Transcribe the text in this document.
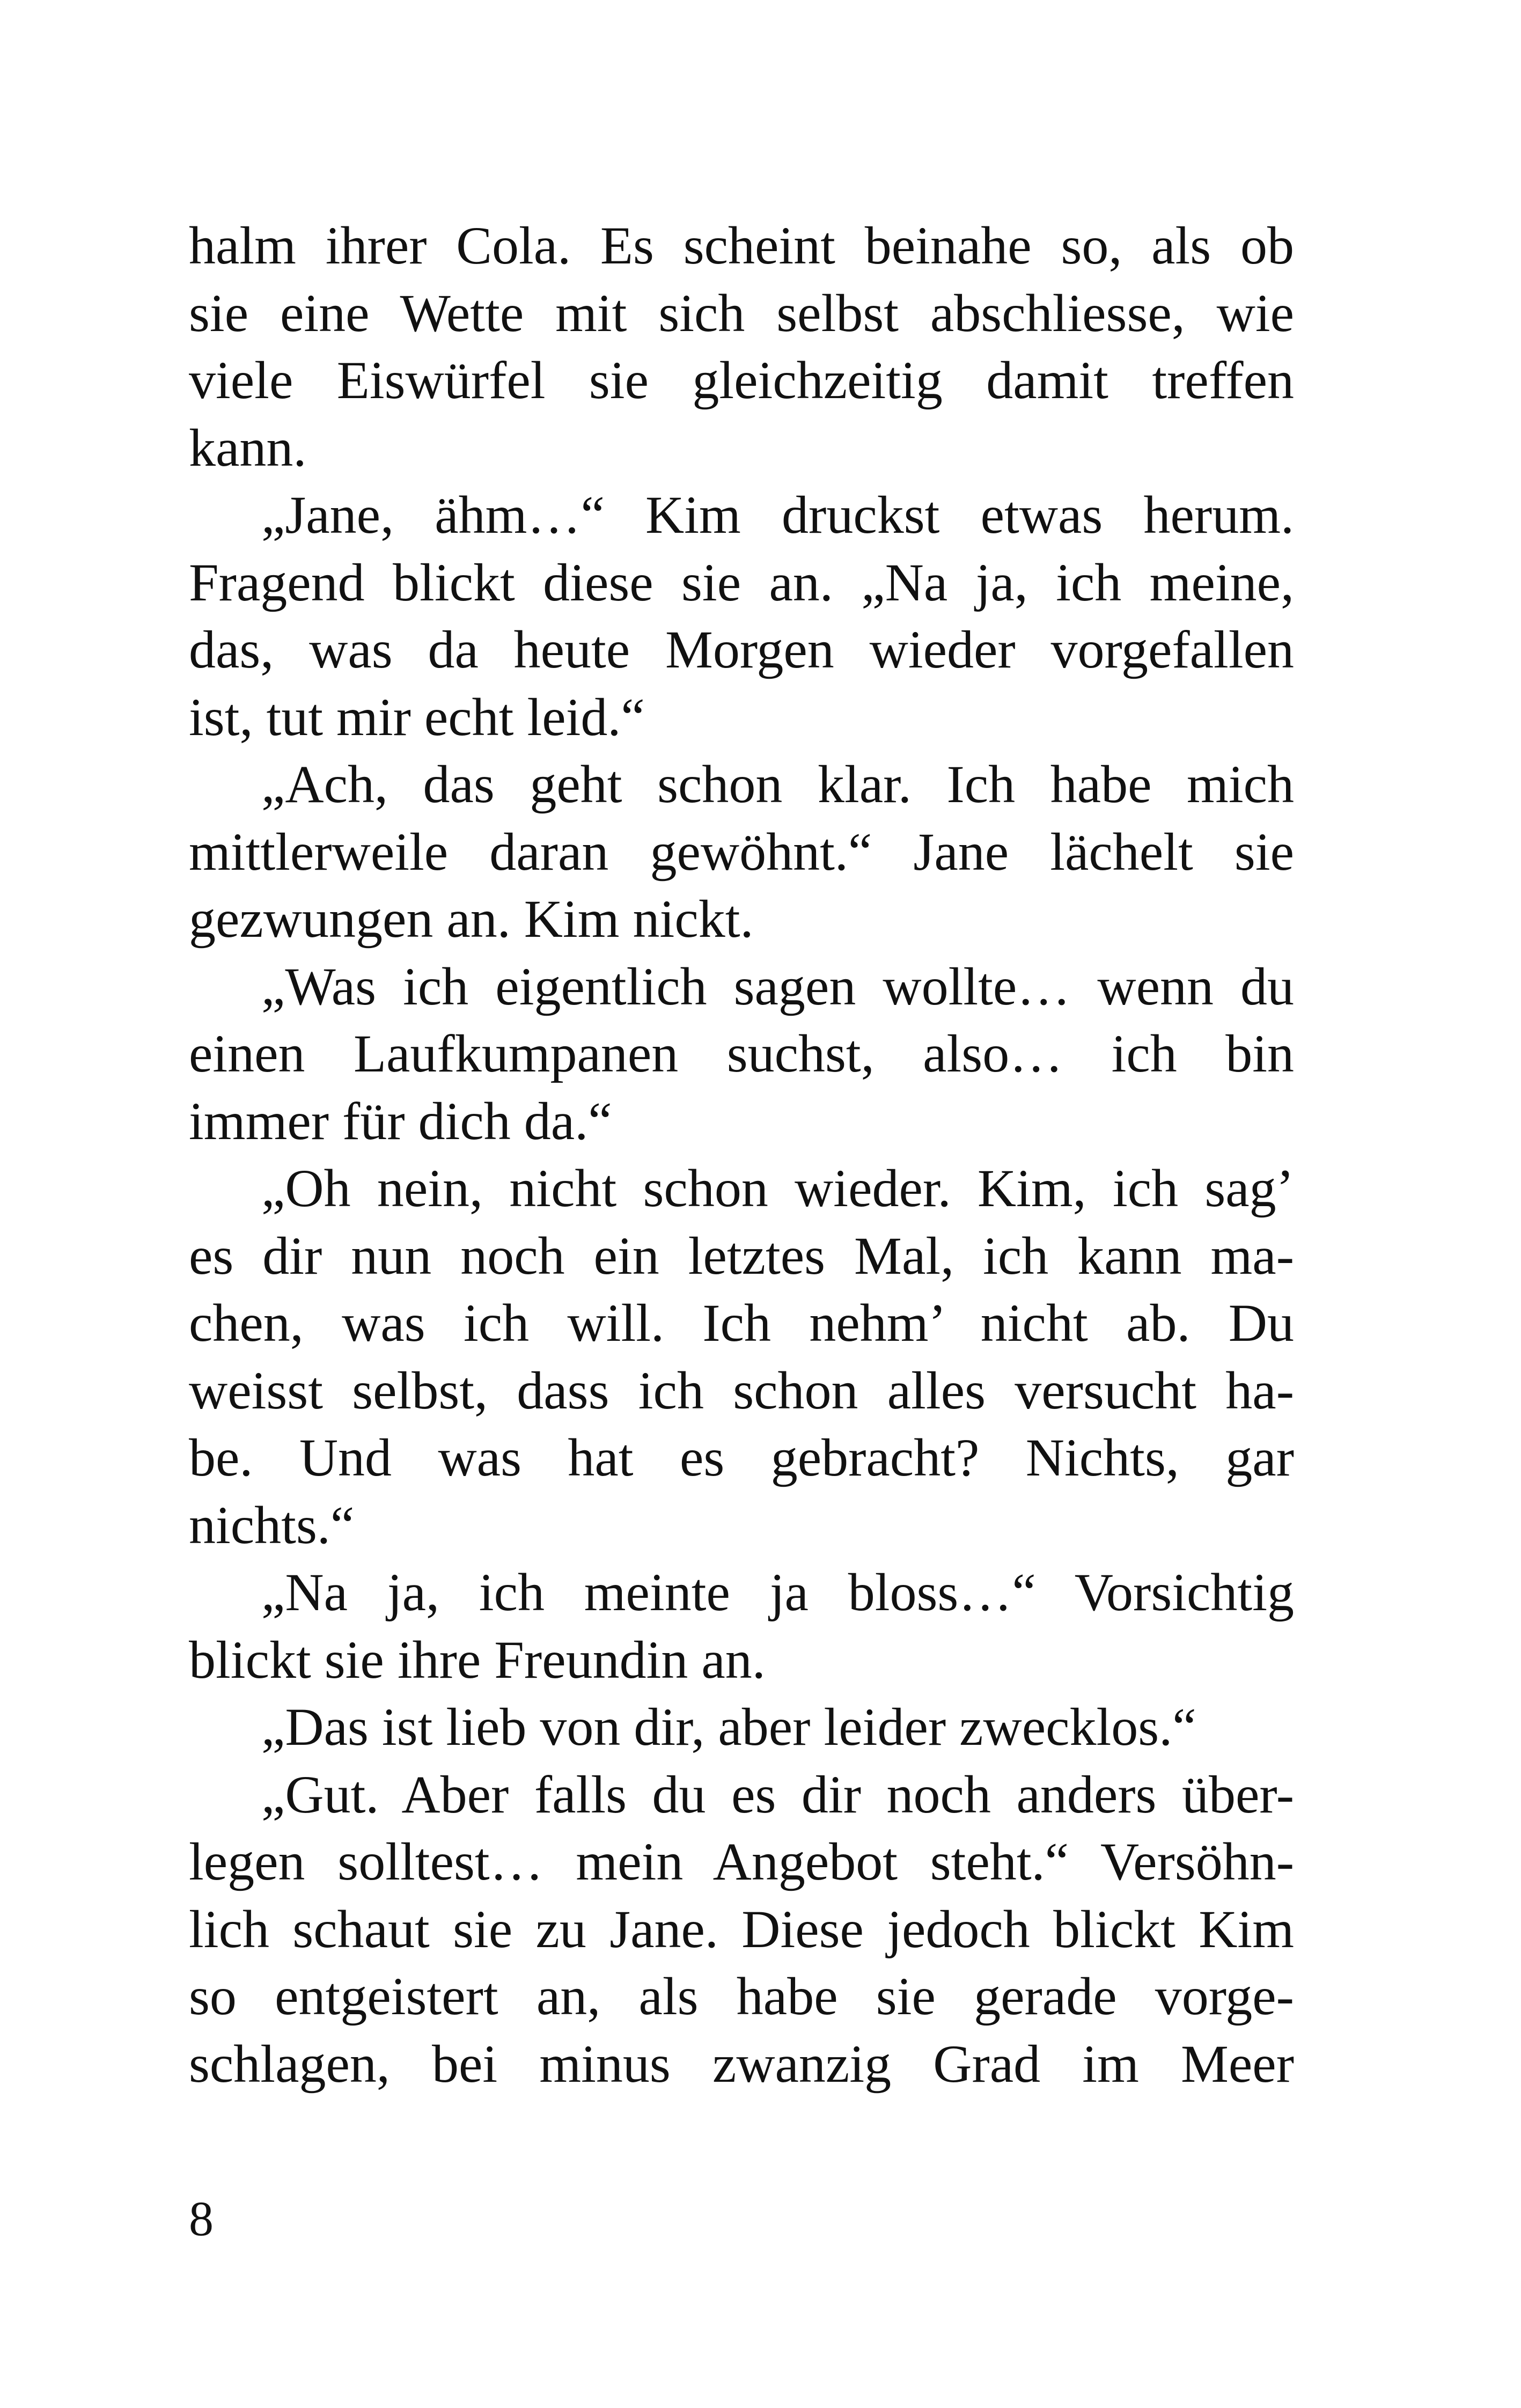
halm ihrer Cola. Es scheint beinahe so, als ob
sie eine Wette mit sich selbst abschliesse, wie
viele Eiswürfel sie gleichzeitig damit treffen
kann.
„Jane, ähm…“ Kim druckst etwas herum.
Fragend blickt diese sie an. „Na ja, ich meine,
das, was da heute Morgen wieder vorgefallen
ist, tut mir echt leid.“
„Ach, das geht schon klar. Ich habe mich
mittlerweile daran gewöhnt.“ Jane lächelt sie
gezwungen an. Kim nickt.
„Was ich eigentlich sagen wollte… wenn du
einen Laufkumpanen suchst, also… ich bin
immer für dich da.“
„Oh nein, nicht schon wieder. Kim, ich sag’
es dir nun noch ein letztes Mal, ich kann ma-
chen, was ich will. Ich nehm’ nicht ab. Du
weisst selbst, dass ich schon alles versucht ha-
be. Und was hat es gebracht? Nichts, gar
nichts.“
„Na ja, ich meinte ja bloss…“ Vorsichtig
blickt sie ihre Freundin an.
„Das ist lieb von dir, aber leider zwecklos.“
„Gut. Aber falls du es dir noch anders über-
legen solltest… mein Angebot steht.“ Versöhn-
lich schaut sie zu Jane. Diese jedoch blickt Kim
so entgeistert an, als habe sie gerade vorge-
schlagen, bei minus zwanzig Grad im Meer
8
